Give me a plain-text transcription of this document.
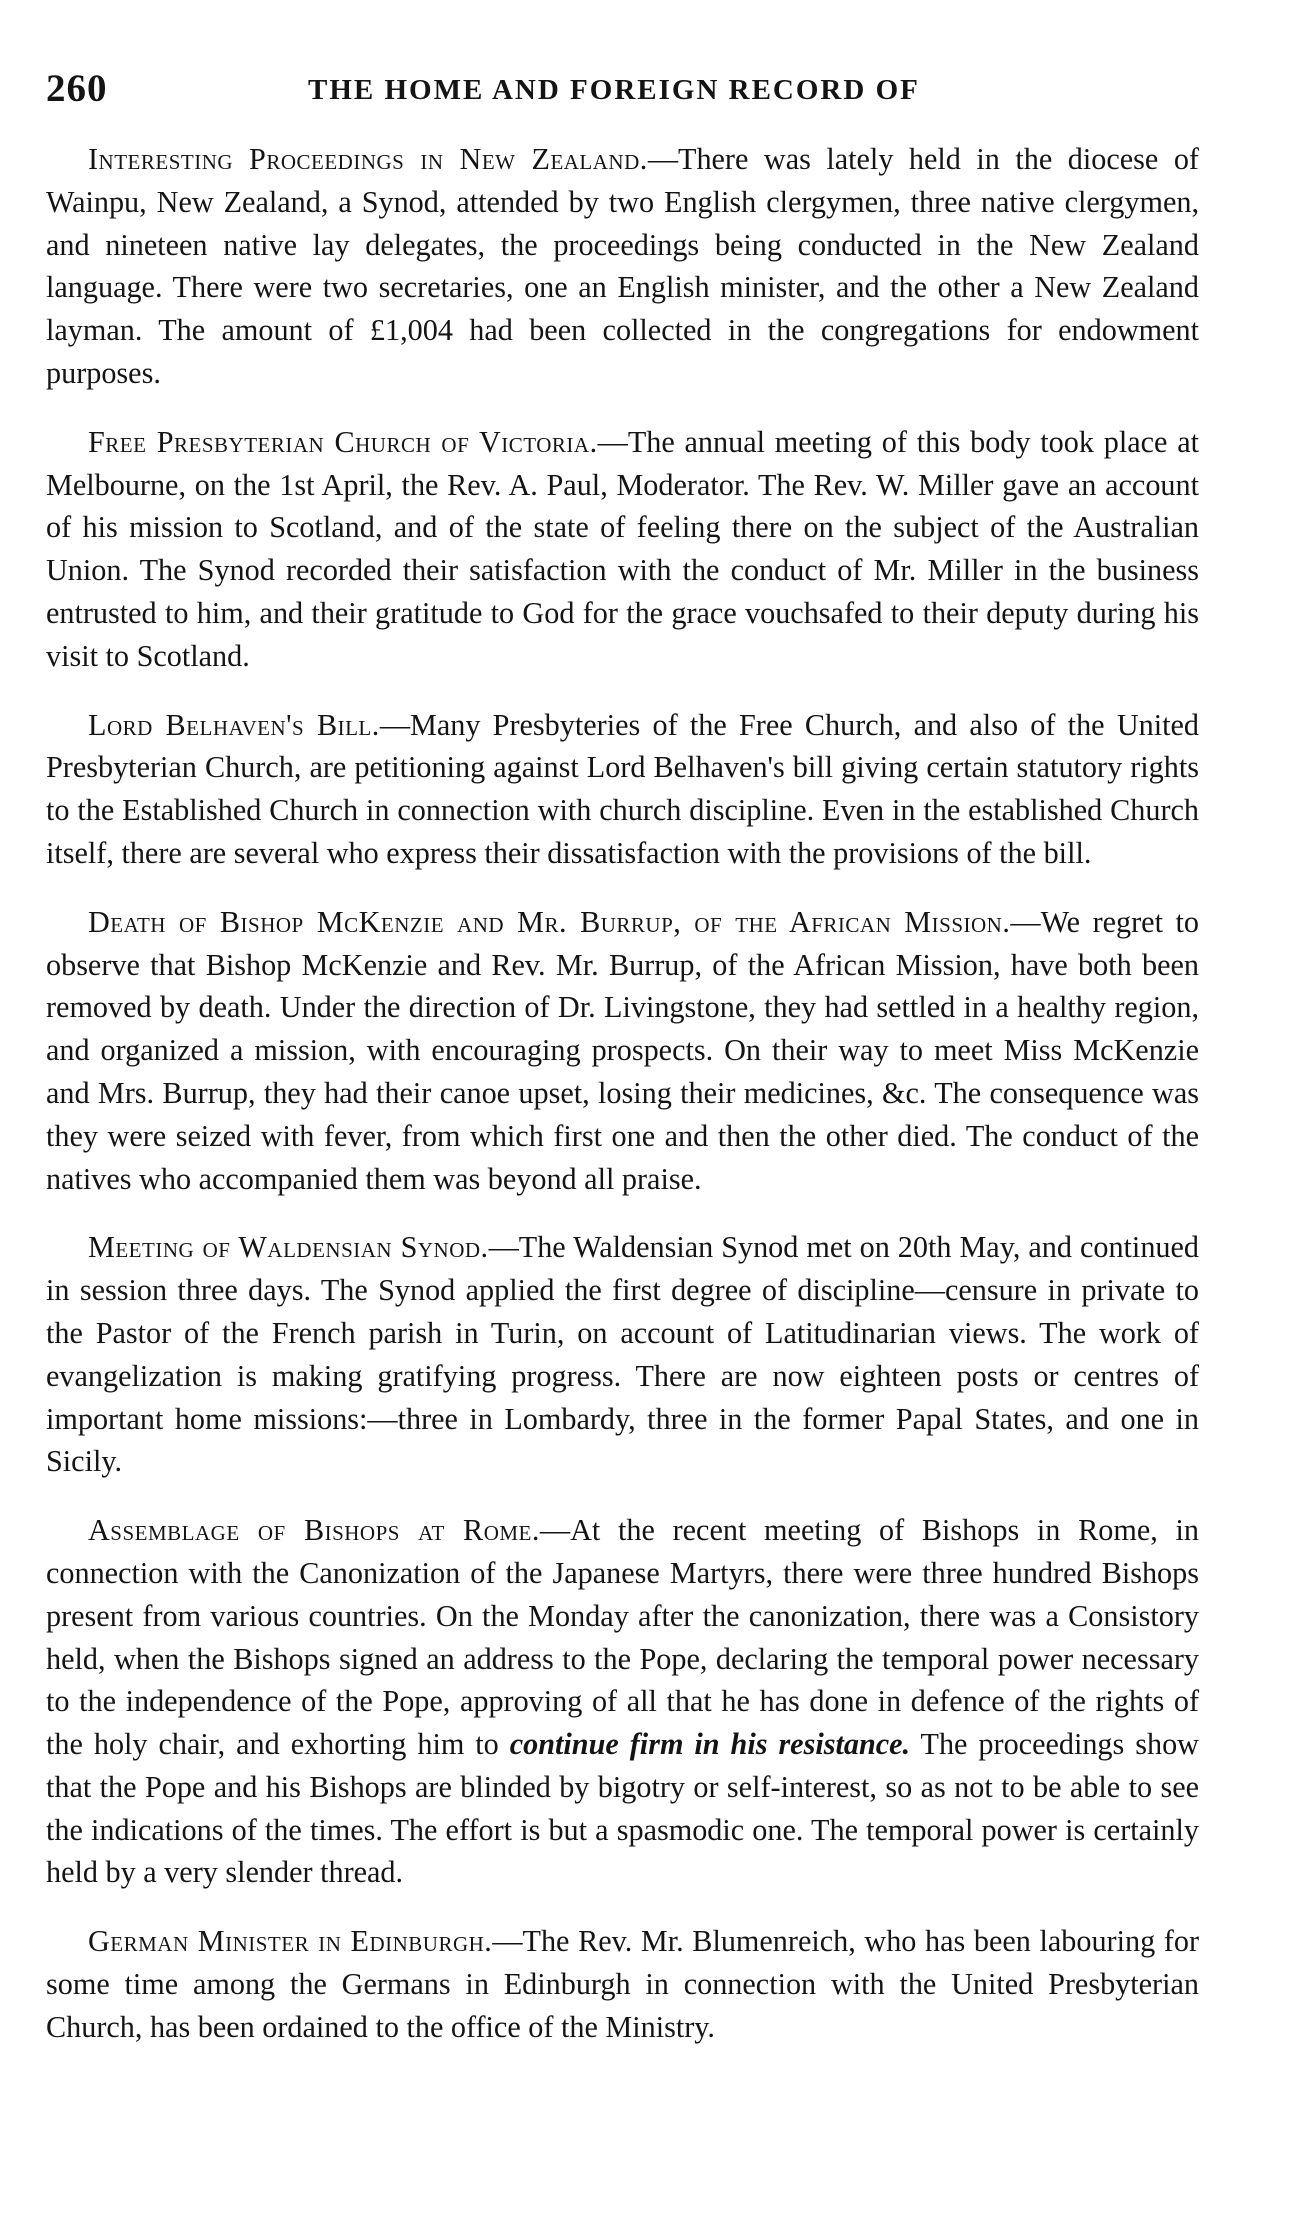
260	THE HOME AND FOREIGN RECORD OF

Interesting Proceedings in New Zealand.—There was lately held in the diocese of Wainpu, New Zealand, a Synod, attended by two English clergymen, three native clergymen, and nineteen native lay delegates, the proceedings being conducted in the New Zealand language. There were two secretaries, one an English minister, and the other a New Zealand layman. The amount of £1,004 had been collected in the congregations for endowment purposes.

Free Presbyterian Church of Victoria.—The annual meeting of this body took place at Melbourne, on the 1st April, the Rev. A. Paul, Moderator. The Rev. W. Miller gave an account of his mission to Scotland, and of the state of feeling there on the subject of the Australian Union. The Synod recorded their satisfaction with the conduct of Mr. Miller in the business entrusted to him, and their gratitude to God for the grace vouchsafed to their deputy during his visit to Scotland.

Lord Belhaven's Bill.—Many Presbyteries of the Free Church, and also of the United Presbyterian Church, are petitioning against Lord Belhaven's bill giving certain statutory rights to the Established Church in connection with church discipline. Even in the established Church itself, there are several who express their dissatisfaction with the provisions of the bill.

Death of Bishop McKenzie and Mr. Burrup, of the African Mission.—We regret to observe that Bishop McKenzie and Rev. Mr. Burrup, of the African Mission, have both been removed by death. Under the direction of Dr. Livingstone, they had settled in a healthy region, and organized a mission, with encouraging prospects. On their way to meet Miss McKenzie and Mrs. Burrup, they had their canoe upset, losing their medicines, &c. The consequence was they were seized with fever, from which first one and then the other died. The conduct of the natives who accompanied them was beyond all praise.

Meeting of Waldensian Synod.—The Waldensian Synod met on 20th May, and continued in session three days. The Synod applied the first degree of discipline—censure in private to the Pastor of the French parish in Turin, on account of Latitudinarian views. The work of evangelization is making gratifying progress. There are now eighteen posts or centres of important home missions:—three in Lombardy, three in the former Papal States, and one in Sicily.

Assemblage of Bishops at Rome.—At the recent meeting of Bishops in Rome, in connection with the Canonization of the Japanese Martyrs, there were three hundred Bishops present from various countries. On the Monday after the canonization, there was a Consistory held, when the Bishops signed an address to the Pope, declaring the temporal power necessary to the independence of the Pope, approving of all that he has done in defence of the rights of the holy chair, and exhorting him to continue firm in his resistance. The proceedings show that the Pope and his Bishops are blinded by bigotry or self-interest, so as not to be able to see the indications of the times. The effort is but a spasmodic one. The temporal power is certainly held by a very slender thread.

German Minister in Edinburgh.—The Rev. Mr. Blumenreich, who has been labouring for some time among the Germans in Edinburgh in connection with the United Presbyterian Church, has been ordained to the office of the Ministry.
